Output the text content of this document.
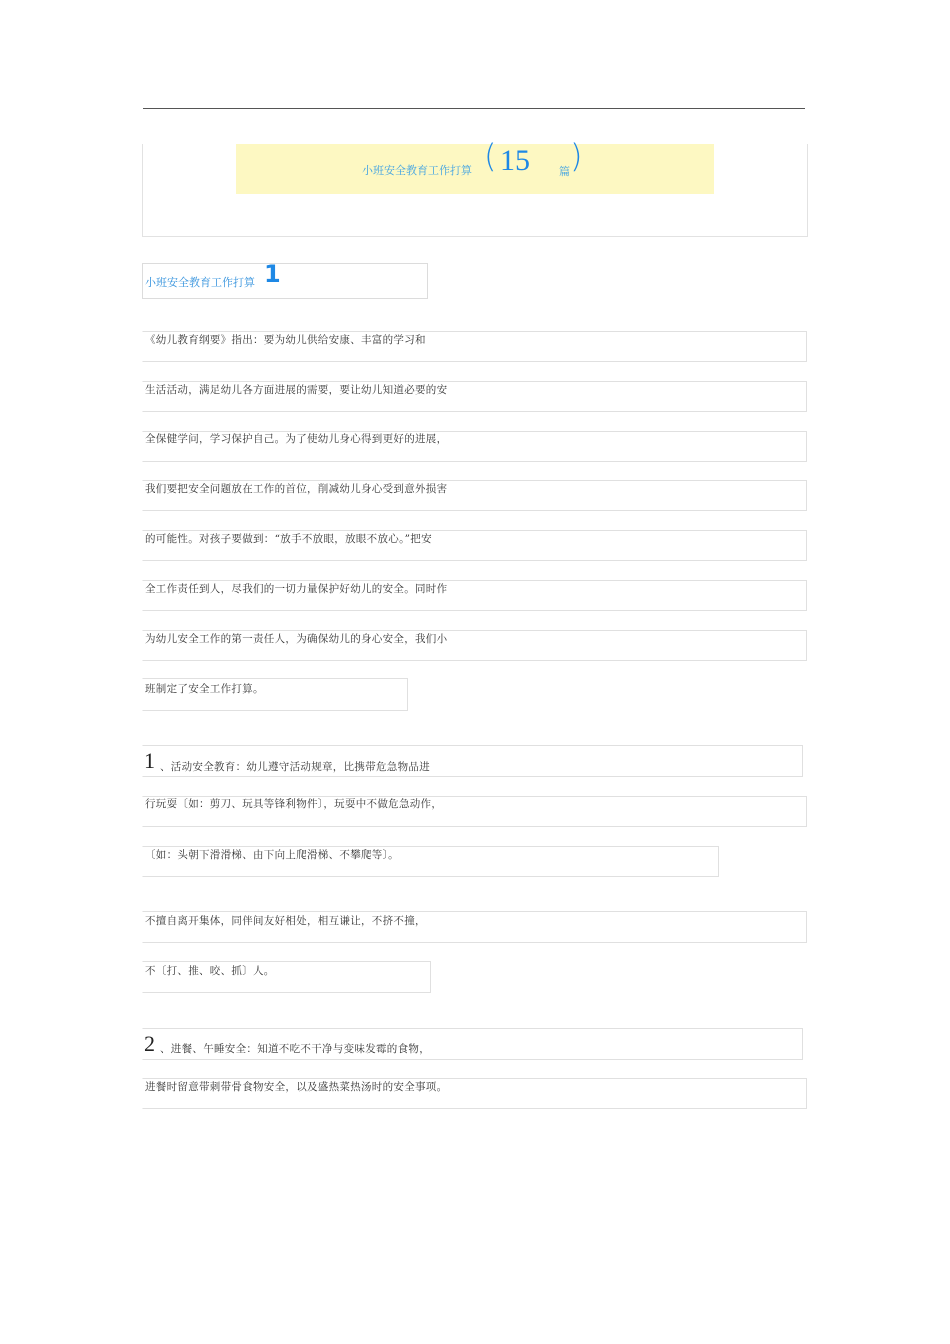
小班安全教育工作打算 ( 15	篇 )
小班安全教育工作打算 1
《幼儿教育纲要》指出：要为幼儿供给安康、丰富的学习和
生活活动，满足幼儿各方面进展的需要，要让幼儿知道必要的安
全保健学问，学习保护自己。为了使幼儿身心得到更好的进展，
我们要把安全问题放在工作的首位，削减幼儿身心受到意外损害
的可能性。对孩子要做到：“放手不放眼，放眼不放心。”把安
全工作责任到人，尽我们的一切力量保护好幼儿的安全。同时作
为幼儿安全工作的第一责任人，为确保幼儿的身心安全，我们小
班制定了安全工作打算。
1 、活动安全教育：幼儿遵守活动规章，比携带危急物品进
行玩耍〔如：剪刀、玩具等锋利物件〕，玩耍中不做危急动作，
〔如：头朝下滑滑梯、由下向上爬滑梯、不攀爬等〕。
不擅自离开集体，同伴间友好相处，相互谦让，不挤不撞，
不〔打、推、咬、抓〕人。
2 、进餐、午睡安全：知道不吃不干净与变味发霉的食物，
进餐时留意带刺带骨食物安全，以及盛热菜热汤时的安全事项。
